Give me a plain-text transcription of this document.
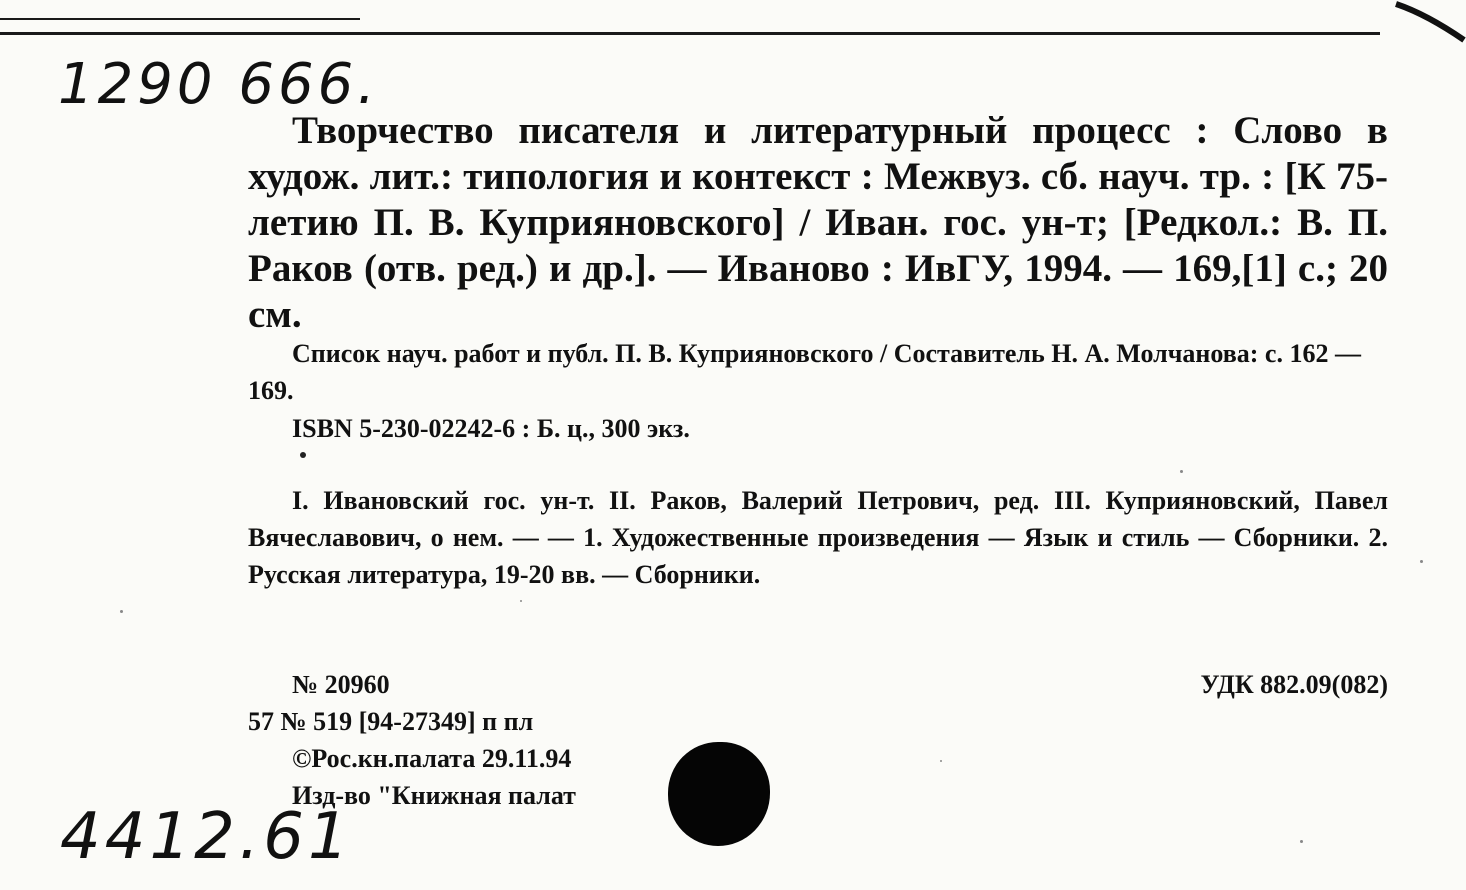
1290 666.

Творчество писателя и литературный процесс : Слово в худож. лит.: типология и контекст : Межвуз. сб. науч. тр. : [К 75-летию П. В. Куприяновского] / Иван. гос. ун-т; [Редкол.: В. П. Раков (отв. ред.) и др.]. — Иваново : ИвГУ, 1994. — 169,[1] с.; 20 см.

Список науч. работ и публ. П. В. Куприяновского / Составитель Н. А. Молчанова: с. 162 — 169.

ISBN 5-230-02242-6 : Б. ц., 300 экз.

I. Ивановский гос. ун-т. II. Раков, Валерий Петрович, ред. III. Куприяновский, Павел Вячеславович, о нем. — — 1. Художественные произведения — Язык и стиль — Сборники. 2. Русская литература, 19-20 вв. — Сборники.

№ 20960
57 № 519 [94-27349] п пл
©Рос.кн.палата 29.11.94
Изд-во "Книжная палат
УДК 882.09(082)
4412.61
